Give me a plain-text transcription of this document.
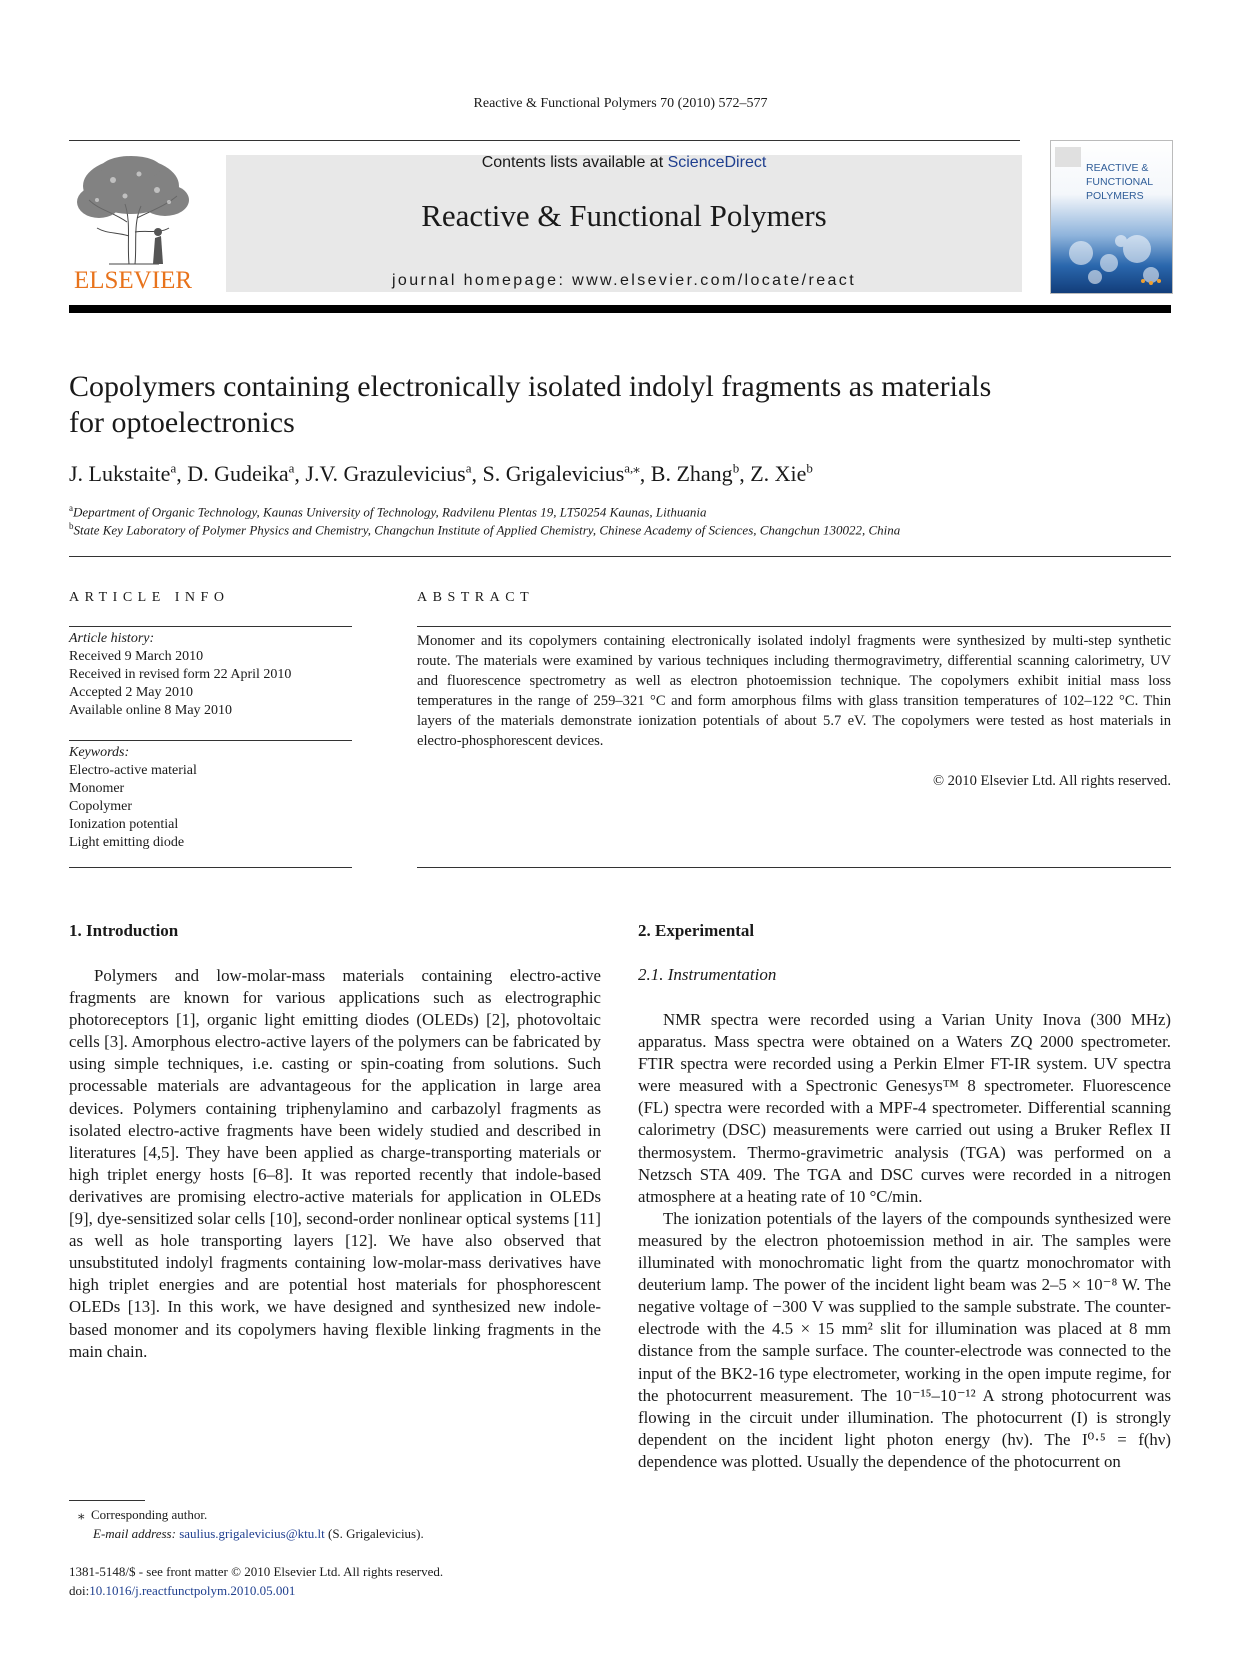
Reactive & Functional Polymers 70 (2010) 572–577
ELSEVIER
Contents lists available at ScienceDirect
Reactive & Functional Polymers
journal homepage: www.elsevier.com/locate/react
REACTIVE &
FUNCTIONAL
POLYMERS
Copolymers containing electronically isolated indolyl fragments as materials
for optoelectronics
J. Lukstaite$^a$, D. Gudeika$^a$, J.V. Grazulevicius$^a$, S. Grigalevicius$^{a,⁎}$, B. Zhang$^b$, Z. Xie$^b$
$^a$Department of Organic Technology, Kaunas University of Technology, Radvilenu Plentas 19, LT50254 Kaunas, Lithuania
$^b$State Key Laboratory of Polymer Physics and Chemistry, Changchun Institute of Applied Chemistry, Chinese Academy of Sciences, Changchun 130022, China
ARTICLE INFO
Article history:
Received 9 March 2010
Received in revised form 22 April 2010
Accepted 2 May 2010
Available online 8 May 2010
Keywords:
Electro-active material
Monomer
Copolymer
Ionization potential
Light emitting diode
ABSTRACT
Monomer and its copolymers containing electronically isolated indolyl fragments were synthesized by multi-step synthetic route. The materials were examined by various techniques including thermogravimetry, differential scanning calorimetry, UV and fluorescence spectrometry as well as electron photoemission technique. The copolymers exhibit initial mass loss temperatures in the range of 259–321 °C and form amorphous films with glass transition temperatures of 102–122 °C. Thin layers of the materials demonstrate ionization potentials of about 5.7 eV. The copolymers were tested as host materials in electro-phosphorescent devices.
© 2010 Elsevier Ltd. All rights reserved.
1. Introduction

Polymers and low-molar-mass materials containing electro-active fragments are known for various applications such as electrographic photoreceptors [1], organic light emitting diodes (OLEDs) [2], photovoltaic cells [3]. Amorphous electro-active layers of the polymers can be fabricated by using simple techniques, i.e. casting or spin-coating from solutions. Such processable materials are advantageous for the application in large area devices. Polymers containing triphenylamino and carbazolyl fragments as isolated electro-active fragments have been widely studied and described in literatures [4,5]. They have been applied as charge-transporting materials or high triplet energy hosts [6–8]. It was reported recently that indole-based derivatives are promising electro-active materials for application in OLEDs [9], dye-sensitized solar cells [10], second-order nonlinear optical systems [11] as well as hole transporting layers [12]. We have also observed that unsubstituted indolyl fragments containing low-molar-mass derivatives have high triplet energies and are potential host materials for phosphorescent OLEDs [13]. In this work, we have designed and synthesized new indole-based monomer and its copolymers having flexible linking fragments in the main chain.

2. Experimental
2.1. Instrumentation

NMR spectra were recorded using a Varian Unity Inova (300 MHz) apparatus. Mass spectra were obtained on a Waters ZQ 2000 spectrometer. FTIR spectra were recorded using a Perkin Elmer FT-IR system. UV spectra were measured with a Spectronic Genesys™ 8 spectrometer. Fluorescence (FL) spectra were recorded with a MPF-4 spectrometer. Differential scanning calorimetry (DSC) measurements were carried out using a Bruker Reflex II thermosystem. Thermo-gravimetric analysis (TGA) was performed on a Netzsch STA 409. The TGA and DSC curves were recorded in a nitrogen atmosphere at a heating rate of 10 °C/min.

The ionization potentials of the layers of the compounds synthesized were measured by the electron photoemission method in air. The samples were illuminated with monochromatic light from the quartz monochromator with deuterium lamp. The power of the incident light beam was 2–5 × 10⁻⁸ W. The negative voltage of −300 V was supplied to the sample substrate. The counter-electrode with the 4.5 × 15 mm² slit for illumination was placed at 8 mm distance from the sample surface. The counter-electrode was connected to the input of the BK2-16 type electrometer, working in the open impute regime, for the photocurrent measurement. The 10⁻¹⁵–10⁻¹² A strong photocurrent was flowing in the circuit under illumination. The photocurrent (I) is strongly dependent on the incident light photon energy (hν). The I⁰·⁵ = f(hν) dependence was plotted. Usually the dependence of the photocurrent on

⁎ Corresponding author.
E-mail address: saulius.grigalevicius@ktu.lt (S. Grigalevicius).
1381-5148/$ - see front matter © 2010 Elsevier Ltd. All rights reserved.
doi:10.1016/j.reactfunctpolym.2010.05.001
